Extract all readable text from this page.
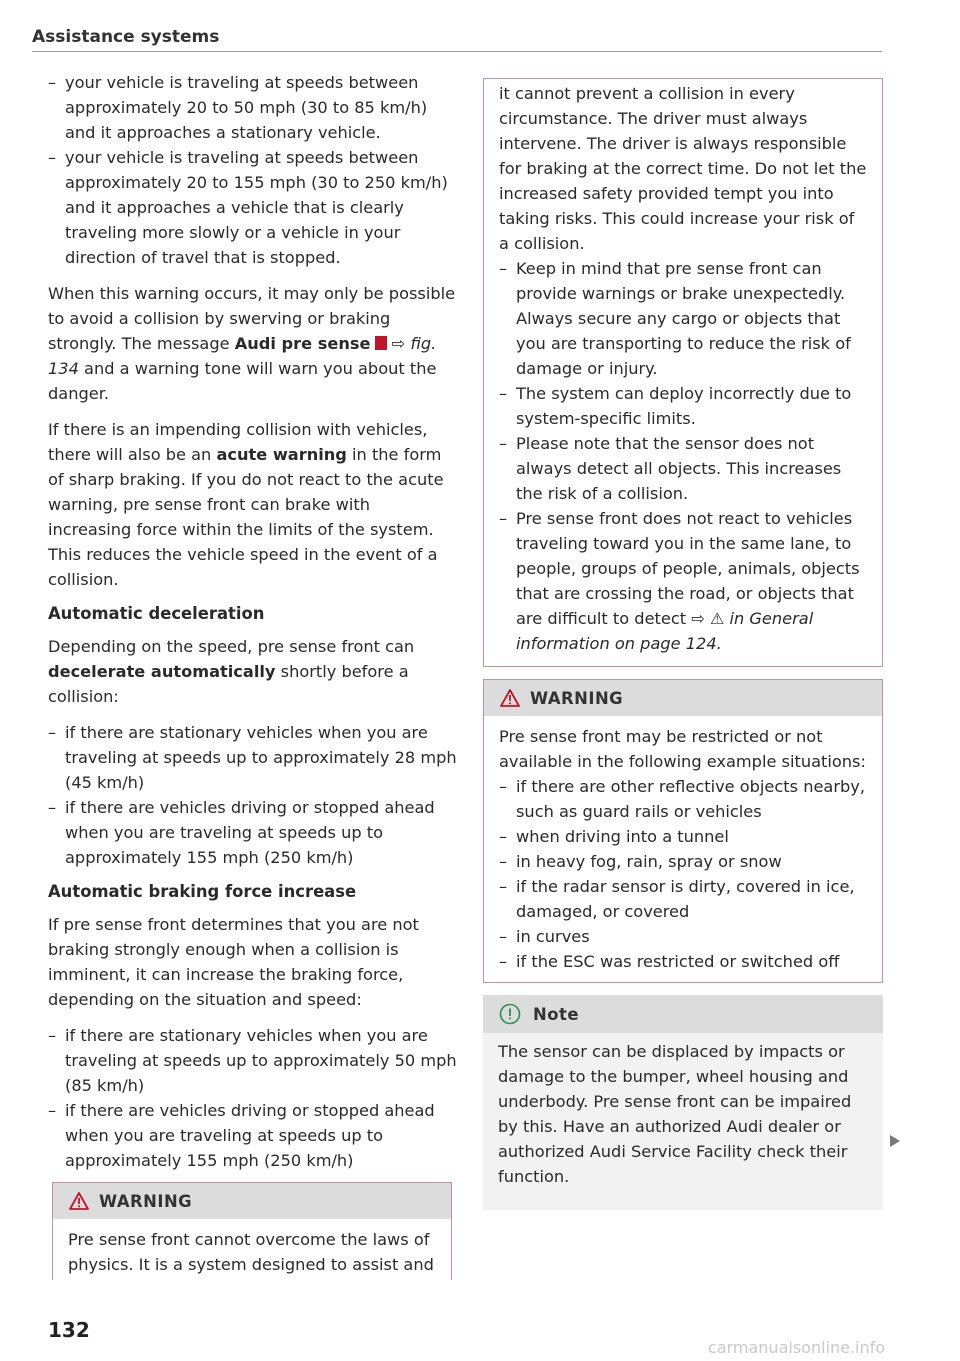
Assistance systems

– your vehicle is traveling at speeds between approximately 20 to 50 mph (30 to 85 km/h) and it approaches a stationary vehicle.

– your vehicle is traveling at speeds between approximately 20 to 155 mph (30 to 250 km/h) and it approaches a vehicle that is clearly traveling more slowly or a vehicle in your direction of travel that is stopped.

When this warning occurs, it may only be possible to avoid a collision by swerving or braking strongly. The message Audi pre sense ⇨ fig. 134 and a warning tone will warn you about the danger.

If there is an impending collision with vehicles, there will also be an acute warning in the form of sharp braking. If you do not react to the acute warning, pre sense front can brake with increasing force within the limits of the system. This reduces the vehicle speed in the event of a collision.

Automatic deceleration

Depending on the speed, pre sense front can decelerate automatically shortly before a collision:

– if there are stationary vehicles when you are traveling at speeds up to approximately 28 mph (45 km/h)

– if there are vehicles driving or stopped ahead when you are traveling at speeds up to approximately 155 mph (250 km/h)

Automatic braking force increase

If pre sense front determines that you are not braking strongly enough when a collision is imminent, it can increase the braking force, depending on the situation and speed:

– if there are stationary vehicles when you are traveling at speeds up to approximately 50 mph (85 km/h)

– if there are vehicles driving or stopped ahead when you are traveling at speeds up to approximately 155 mph (250 km/h)

WARNING

Pre sense front cannot overcome the laws of physics. It is a system designed to assist and

it cannot prevent a collision in every circumstance. The driver must always intervene. The driver is always responsible for braking at the correct time. Do not let the increased safety provided tempt you into taking risks. This could increase your risk of a collision.

– Keep in mind that pre sense front can provide warnings or brake unexpectedly. Always secure any cargo or objects that you are transporting to reduce the risk of damage or injury.

– The system can deploy incorrectly due to system-specific limits.

– Please note that the sensor does not always detect all objects. This increases the risk of a collision.

– Pre sense front does not react to vehicles traveling toward you in the same lane, to people, groups of people, animals, objects that are crossing the road, or objects that are difficult to detect ⇨ ⚠ in General information on page 124.

WARNING

Pre sense front may be restricted or not available in the following example situations:

– if there are other reflective objects nearby, such as guard rails or vehicles

– when driving into a tunnel

– in heavy fog, rain, spray or snow

– if the radar sensor is dirty, covered in ice, damaged, or covered

– in curves

– if the ESC was restricted or switched off

Note

The sensor can be displaced by impacts or damage to the bumper, wheel housing and underbody. Pre sense front can be impaired by this. Have an authorized Audi dealer or authorized Audi Service Facility check their function.

132
carmanualsonline.info
